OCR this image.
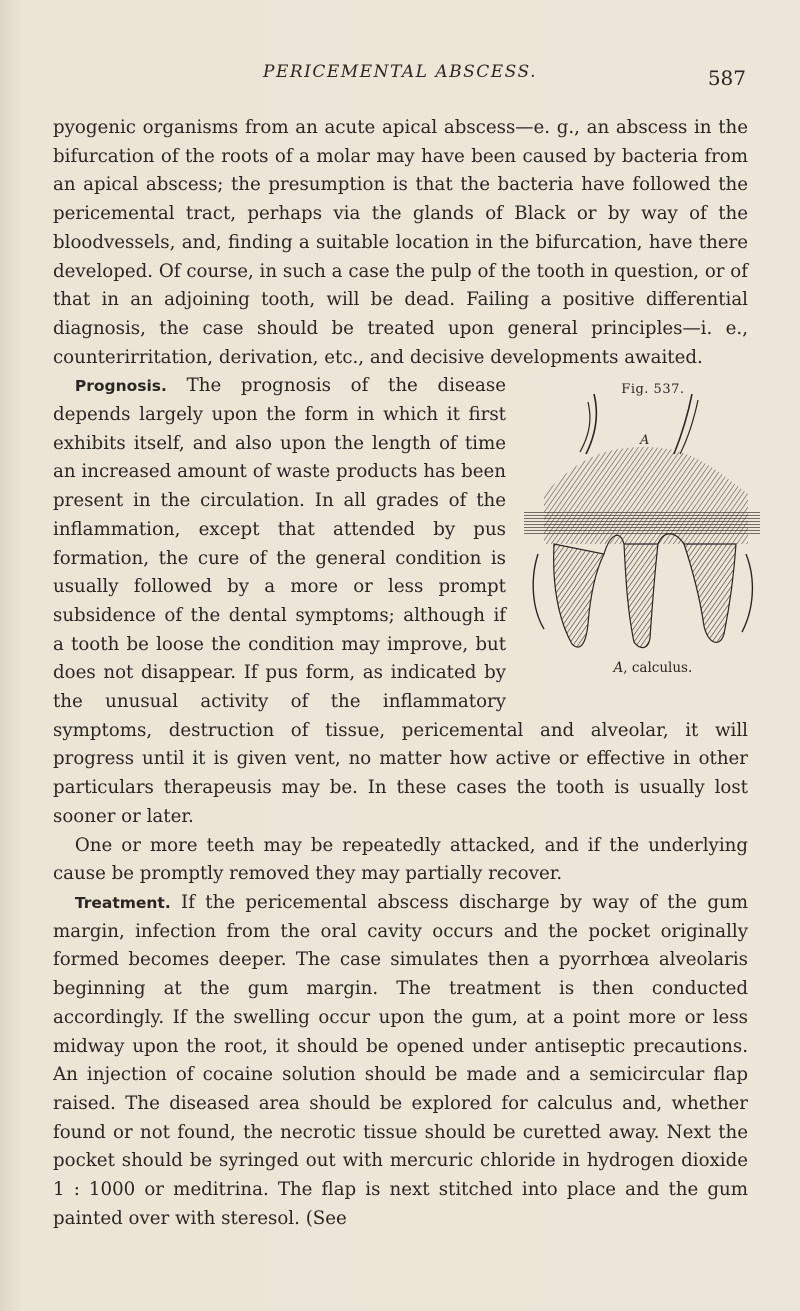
PERICEMENTAL ABSCESS.	587

pyogenic organisms from an acute apical abscess—e. g., an abscess in the bifurcation of the roots of a molar may have been caused by bacteria from an apical abscess; the presumption is that the bacteria have followed the pericemental tract, perhaps via the glands of Black or by way of the bloodvessels, and, finding a suitable location in the bifurcation, have there developed. Of course, in such a case the pulp of the tooth in question, or of that in an adjoining tooth, will be dead. Failing a positive differential diagnosis, the case should be treated upon general principles—i. e., counterirritation, derivation, etc., and decisive developments awaited.

Prognosis.	Fig. 537.
A
A, calculus.
The prognosis of the disease depends largely upon the form in which it first exhibits itself, and also upon the length of time an increased amount of waste products has been present in the circulation. In all grades of the inflammation, except that attended by pus formation, the cure of the general condition is usually followed by a more or less prompt subsidence of the dental symptoms; although if a tooth be loose the condition may improve, but does not disappear. If pus form, as indicated by the unusual activity of the inflammatory symptoms, destruction of tissue, pericemental and alveolar, it will progress until it is given vent, no matter how active or effective in other particulars therapeusis may be. In these cases the tooth is usually lost sooner or later.

One or more teeth may be repeatedly attacked, and if the underlying cause be promptly removed they may partially recover.

Treatment. If the pericemental abscess discharge by way of the gum margin, infection from the oral cavity occurs and the pocket originally formed becomes deeper. The case simulates then a pyorrhœa alveolaris beginning at the gum margin. The treatment is then conducted accordingly. If the swelling occur upon the gum, at a point more or less midway upon the root, it should be opened under antiseptic precautions. An injection of cocaine solution should be made and a semicircular flap raised. The diseased area should be explored for calculus and, whether found or not found, the necrotic tissue should be curetted away. Next the pocket should be syringed out with mercuric chloride in hydrogen dioxide 1 : 1000 or meditrina. The flap is next stitched into place and the gum painted over with steresol. (See
